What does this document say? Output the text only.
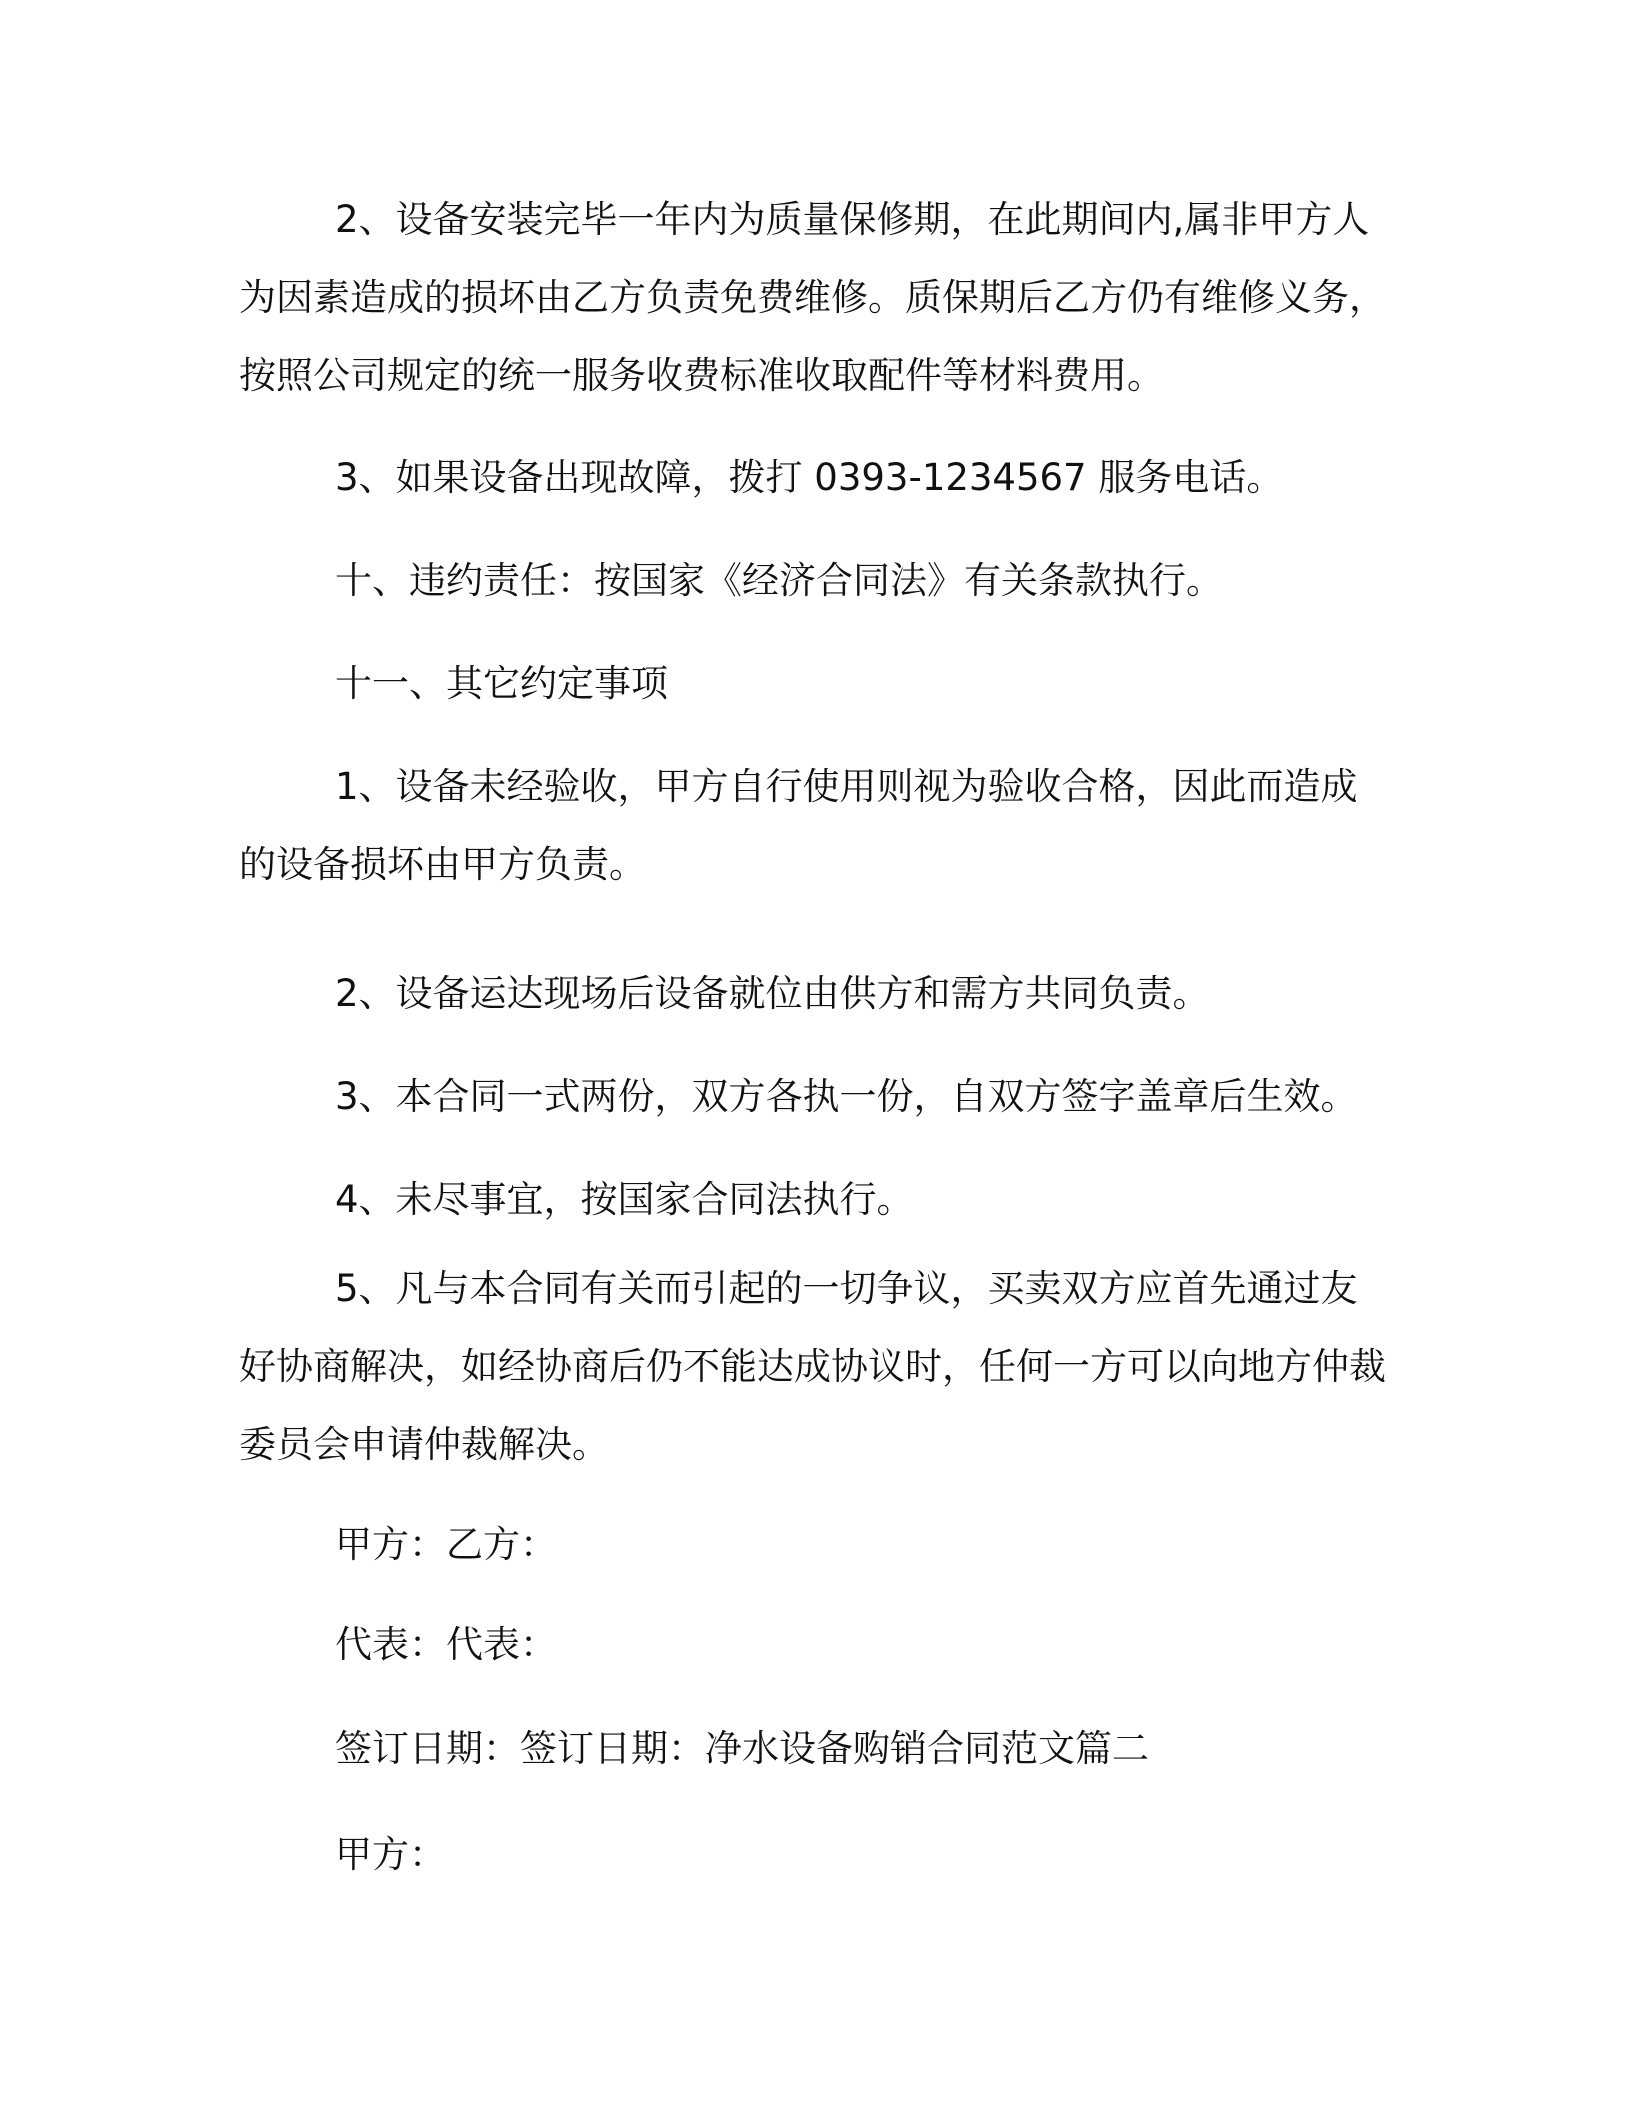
2、设备安装完毕一年内为质量保修期，在此期间内,属非甲方人为因素造成的损坏由乙方负责免费维修。质保期后乙方仍有维修义务，按照公司规定的统一服务收费标准收取配件等材料费用。

3、如果设备出现故障，拨打 0393-1234567 服务电话。

十、违约责任：按国家《经济合同法》有关条款执行。

十一、其它约定事项

1、设备未经验收，甲方自行使用则视为验收合格，因此而造成的设备损坏由甲方负责。

2、设备运达现场后设备就位由供方和需方共同负责。

3、本合同一式两份，双方各执一份，自双方签字盖章后生效。

4、未尽事宜，按国家合同法执行。

5、凡与本合同有关而引起的一切争议，买卖双方应首先通过友好协商解决，如经协商后仍不能达成协议时，任何一方可以向地方仲裁委员会申请仲裁解决。

甲方：乙方：

代表：代表：

签订日期：签订日期：净水设备购销合同范文篇二

甲方：
